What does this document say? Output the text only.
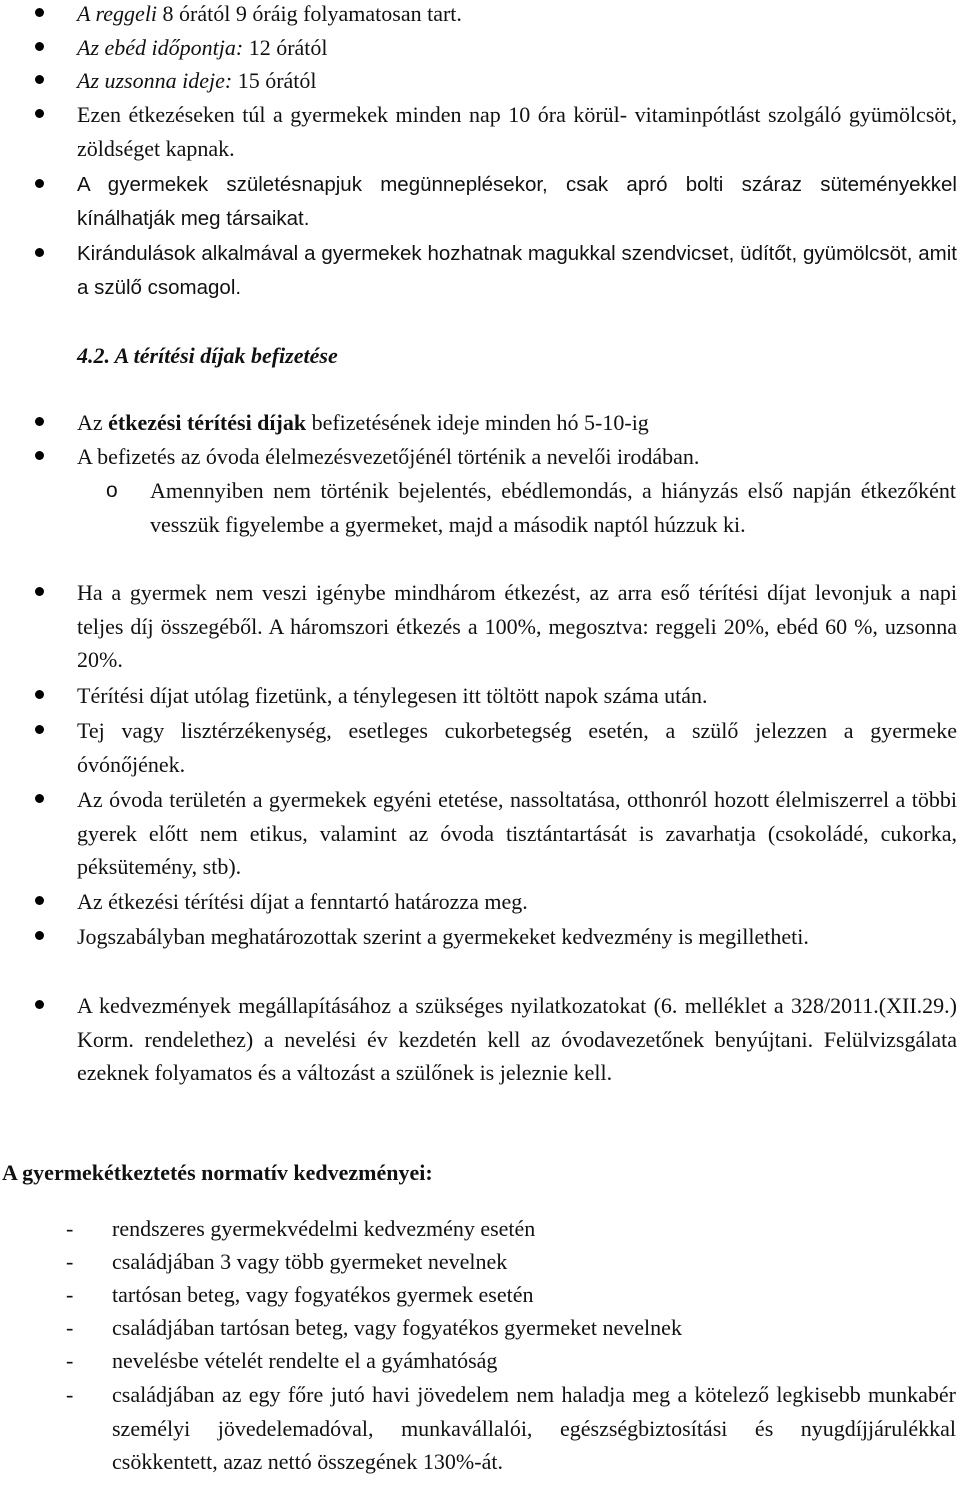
A reggeli 8 órától 9 óráig folyamatosan tart.

Az ebéd időpontja: 12 órától

Az uzsonna ideje: 15 órától

Ezen étkezéseken túl a gyermekek minden nap 10 óra körül- vitaminpótlást szolgáló gyümölcsöt, zöldséget kapnak.

A gyermekek születésnapjuk megünneplésekor, csak apró bolti száraz süteményekkel kínálhatják meg társaikat.

Kirándulások alkalmával a gyermekek hozhatnak magukkal szendvicset, üdítőt, gyümölcsöt, amit a szülő csomagol.

4.2. A térítési díjak befizetése

Az étkezési térítési díjak befizetésének ideje minden hó 5-10-ig

A befizetés az óvoda élelmezésvezetőjénél történik a nevelői irodában.

o Amennyiben nem történik bejelentés, ebédlemondás, a hiányzás első napján étkezőként vesszük figyelembe a gyermeket, majd a második naptól húzzuk ki.

Ha a gyermek nem veszi igénybe mindhárom étkezést, az arra eső térítési díjat levonjuk a napi teljes díj összegéből. A háromszori étkezés a 100%, megosztva: reggeli 20%, ebéd 60 %, uzsonna 20%.

Térítési díjat utólag fizetünk, a ténylegesen itt töltött napok száma után.

Tej vagy lisztérzékenység, esetleges cukorbetegség esetén, a szülő jelezzen a gyermeke óvónőjének.

Az óvoda területén a gyermekek egyéni etetése, nassoltatása, otthonról hozott élelmiszerrel a többi gyerek előtt nem etikus, valamint az óvoda tisztántartását is zavarhatja (csokoládé, cukorka, péksütemény, stb).

Az étkezési térítési díjat a fenntartó határozza meg.

Jogszabályban meghatározottak szerint a gyermekeket kedvezmény is megilletheti.

A kedvezmények megállapításához a szükséges nyilatkozatokat (6. melléklet a 328/2011.(XII.29.) Korm. rendelethez) a nevelési év kezdetén kell az óvodavezetőnek benyújtani. Felülvizsgálata ezeknek folyamatos és a változást a szülőnek is jeleznie kell.

A gyermekétkeztetés normatív kedvezményei:

- rendszeres gyermekvédelmi kedvezmény esetén

- családjában 3 vagy több gyermeket nevelnek

- tartósan beteg, vagy fogyatékos gyermek esetén

- családjában tartósan beteg, vagy fogyatékos gyermeket nevelnek

- nevelésbe vételét rendelte el a gyámhatóság

- családjában az egy főre jutó havi jövedelem nem haladja meg a kötelező legkisebb munkabér személyi jövedelemadóval, munkavállalói, egészségbiztosítási és nyugdíjjárulékkal csökkentett, azaz nettó összegének 130%-át.
